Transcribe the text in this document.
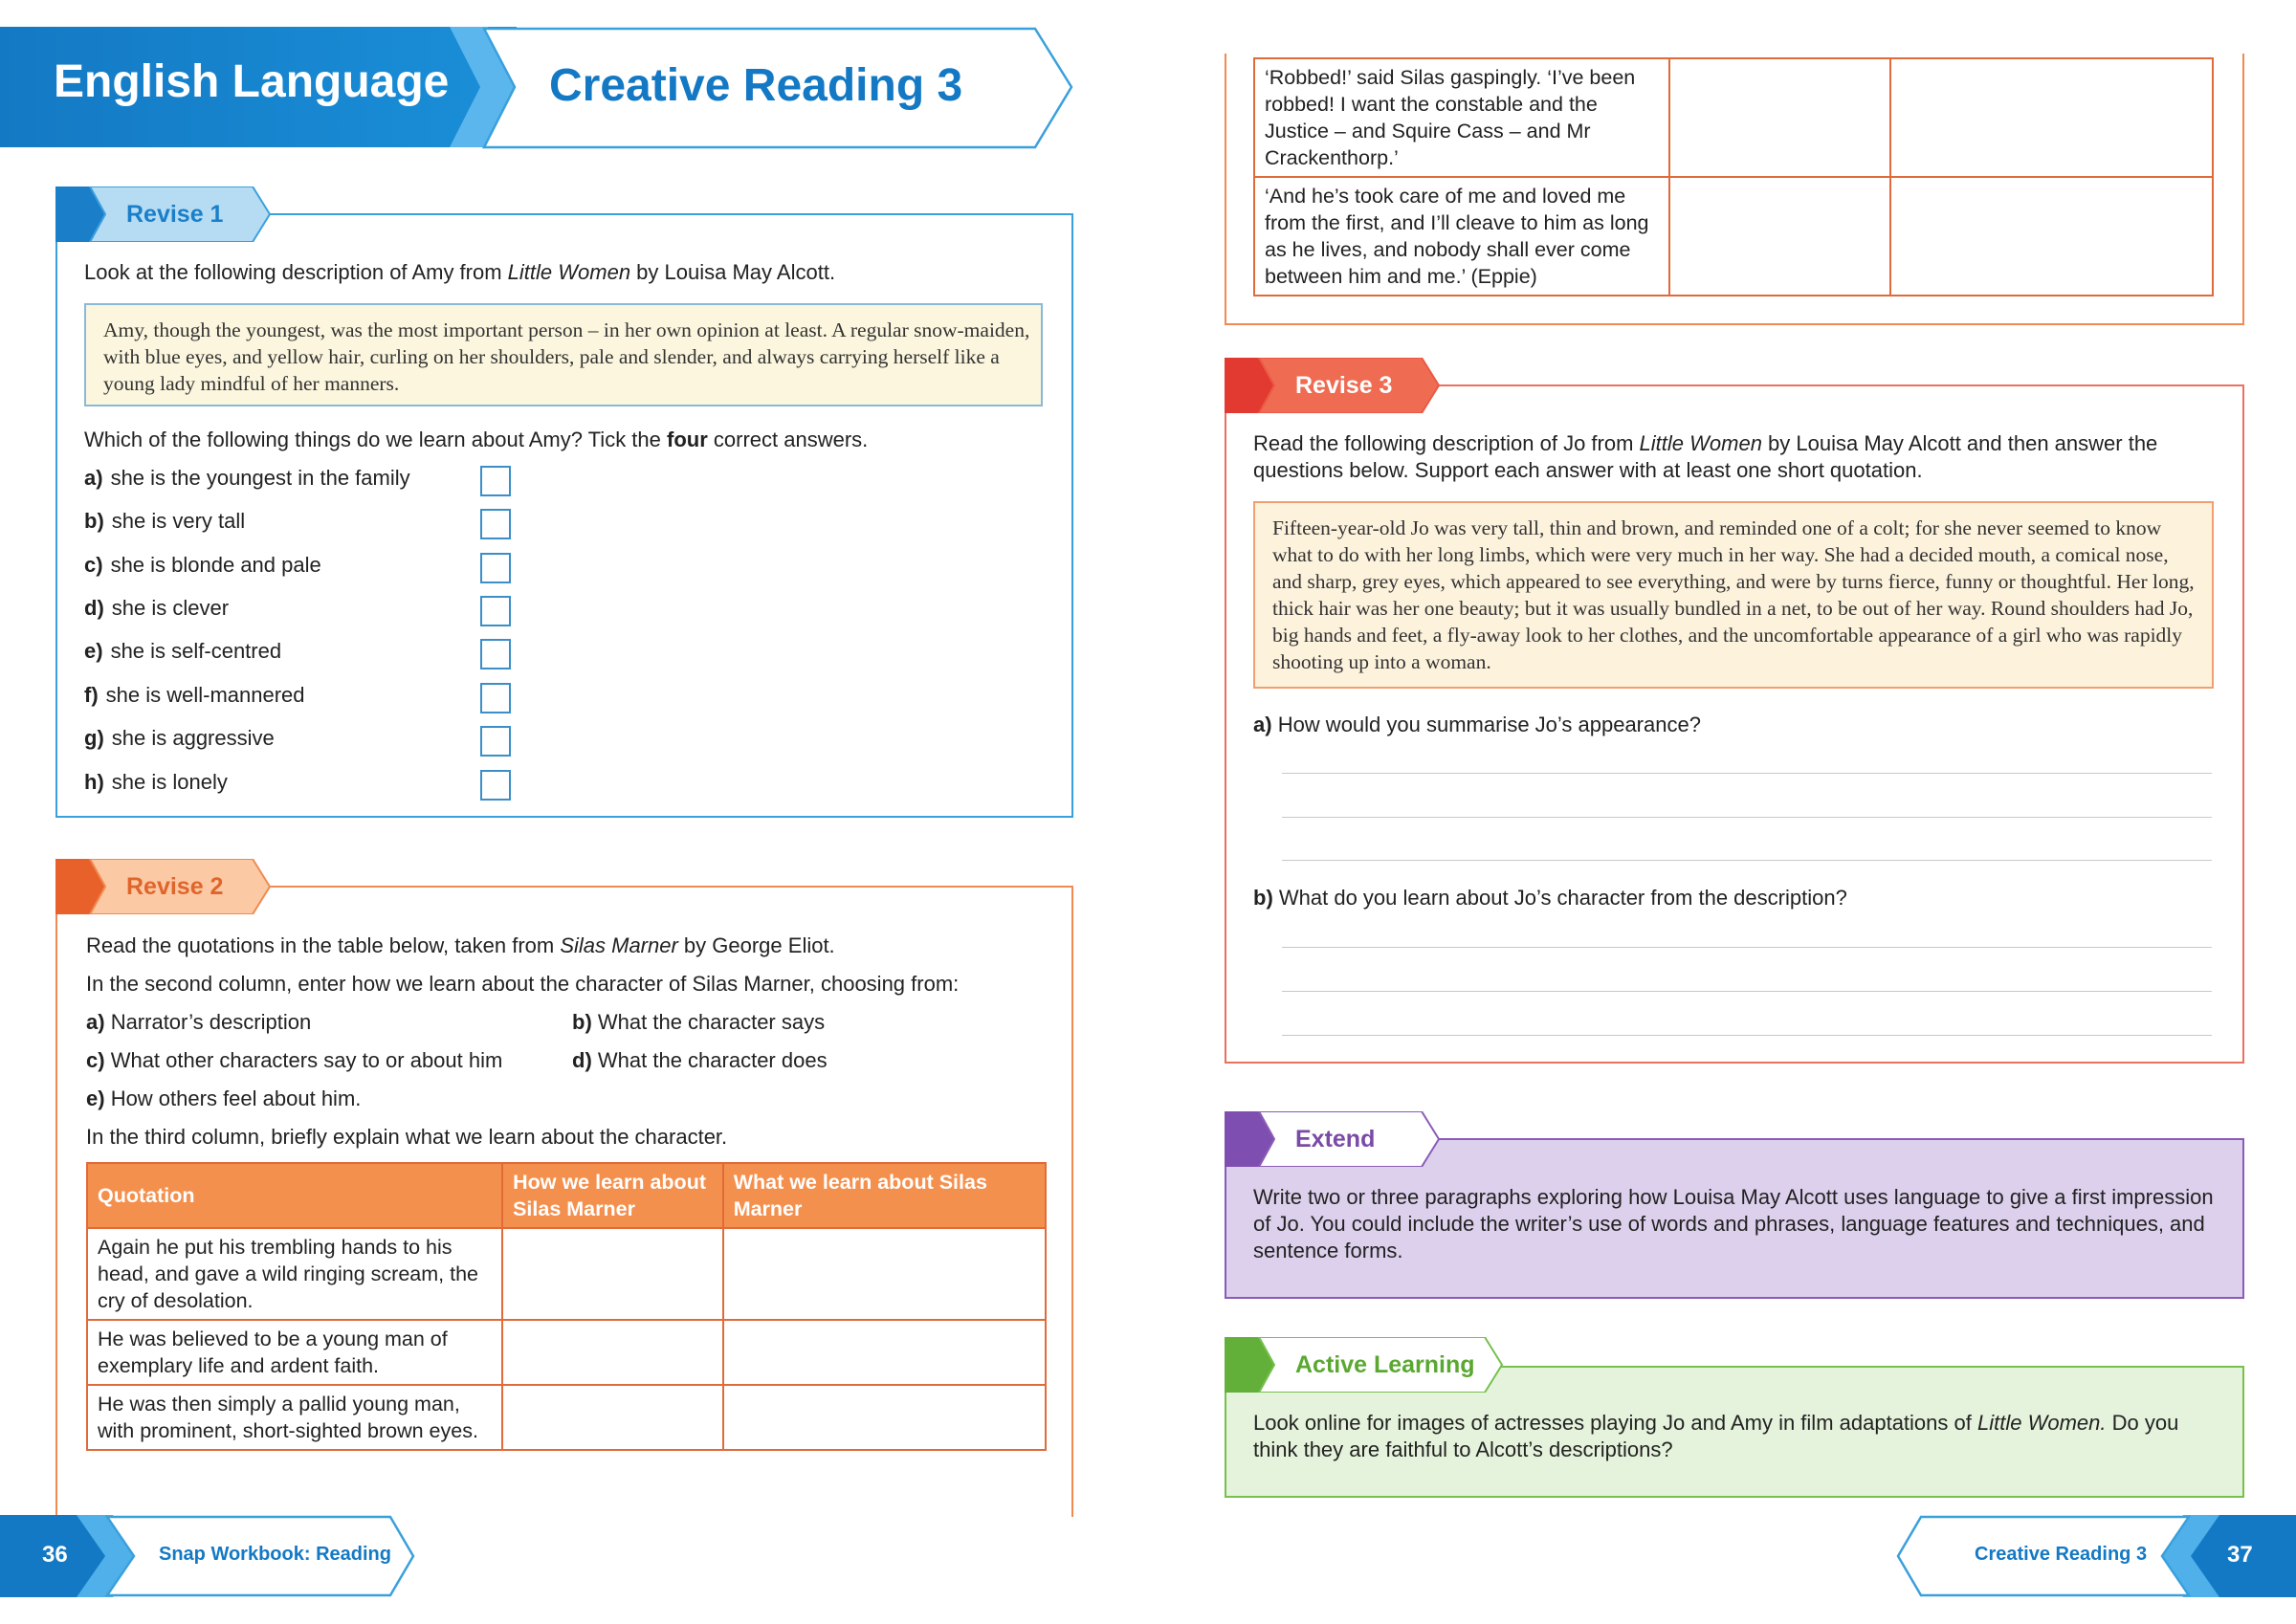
English Language Creative Reading 3
Revise 1
Look at the following description of Amy from Little Women by Louisa May Alcott.
Amy, though the youngest, was the most important person – in her own opinion at least. A regular snow-maiden, with blue eyes, and yellow hair, curling on her shoulders, pale and slender, and always carrying herself like a young lady mindful of her manners.
Which of the following things do we learn about Amy? Tick the four correct answers.
a) she is the youngest in the family
b) she is very tall
c) she is blonde and pale
d) she is clever
e) she is self-centred
f) she is well-mannered
g) she is aggressive
h) she is lonely
Revise 2
Read the quotations in the table below, taken from Silas Marner by George Eliot.
In the second column, enter how we learn about the character of Silas Marner, choosing from:
a) Narrator’s description	b) What the character says
c) What other characters say to or about him	d) What the character does
e) How others feel about him.
In the third column, briefly explain what we learn about the character.
Quotation	How we learn about Silas Marner	What we learn about Silas Marner
Again he put his trembling hands to his head, and gave a wild ringing scream, the cry of desolation.		
He was believed to be a young man of exemplary life and ardent faith.		
He was then simply a pallid young man, with prominent, short-sighted brown eyes.		
‘Robbed!’ said Silas gaspingly. ‘I’ve been robbed! I want the constable and the Justice – and Squire Cass – and Mr Crackenthorp.’		
‘And he’s took care of me and loved me from the first, and I’ll cleave to him as long as he lives, and nobody shall ever come between him and me.’ (Eppie)		
Revise 3
Read the following description of Jo from Little Women by Louisa May Alcott and then answer the questions below. Support each answer with at least one short quotation.
Fifteen-year-old Jo was very tall, thin and brown, and reminded one of a colt; for she never seemed to know what to do with her long limbs, which were very much in her way. She had a decided mouth, a comical nose, and sharp, grey eyes, which appeared to see everything, and were by turns fierce, funny or thoughtful. Her long, thick hair was her one beauty; but it was usually bundled in a net, to be out of her way. Round shoulders had Jo, big hands and feet, a fly-away look to her clothes, and the uncomfortable appearance of a girl who was rapidly shooting up into a woman.
a) How would you summarise Jo’s appearance?
b) What do you learn about Jo’s character from the description?
Extend
Write two or three paragraphs exploring how Louisa May Alcott uses language to give a first impression of Jo. You could include the writer’s use of words and phrases, language features and techniques, and sentence forms.
Active Learning
Look online for images of actresses playing Jo and Amy in film adaptations of Little Women. Do you think they are faithful to Alcott’s descriptions?
36	Snap Workbook: Reading	Creative Reading 3	37
